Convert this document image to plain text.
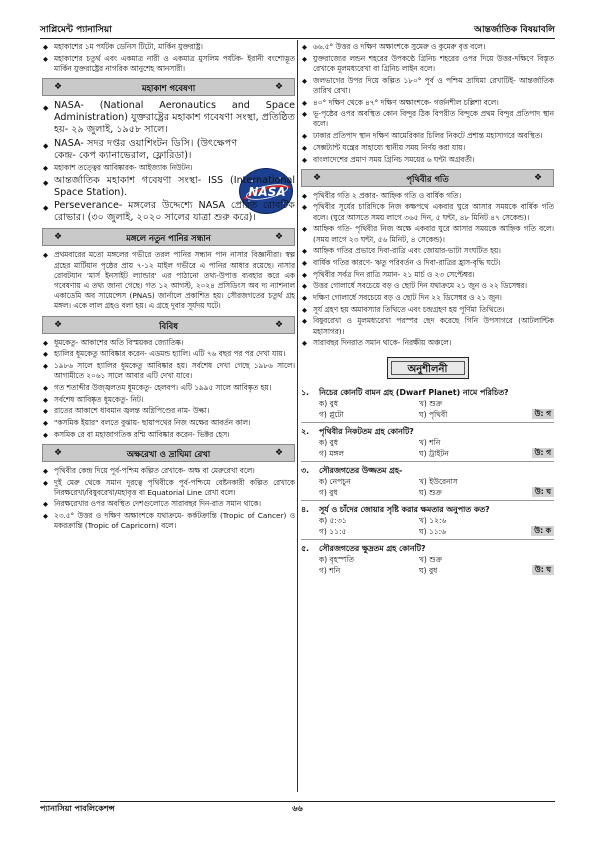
সাপ্লিমেন্ট প্যানাসিয়া	আন্তর্জাতিক বিষয়াবলি
◆ মহাকাশের ১ম পর্যটক ডেনিস টিটো, মার্কিন যুক্তরাষ্ট্র।
◆ মহাকাশের চতুর্থ এবং একমাত্র নারী ও একমাত্র মুসলিম পর্যটক- ইরানী বংশোদ্ভূত মার্কিন যুক্তরাষ্ট্রের নাগরিক আনুশেহ আনসারী।
❖	মহাকাশ গবেষণা	❖
NASA
◆ NASA- (National Aeronautics and Space Administration) যুক্তরাষ্ট্রের মহাকাশ গবেষণা সংস্থা, প্রতিষ্ঠিত হয়- ২৯ জুলাই, ১৯৫৮ সালে।
◆ NASA- সদর দপ্তর ওয়াশিংটন ডিসি। (উৎক্ষেপণ কেন্দ্র- কেপ ক্যানাভেরাল, ফ্লোরিডা)।
◆ মহাকাশ তত্ত্বের আবিষ্কারক- আইজ্যাক নিউটন।
◆ আন্তর্জাতিক মহাকাশ গবেষণা সংস্থা- ISS (International Space Station).
◆ Perseverance- মঙ্গলের উদ্দেশ্যে NASA প্রেরিত রোবটিক রোভার। (৩০ জুলাই, ২০২০ সালের যাত্রা শুরু করে)।
❖	মঙ্গলে নতুন পানির সন্ধান	❖
◆ প্রথমবারের মতো মঙ্গলের গভীরে তরল পানির সন্ধান পান নাসার বিজ্ঞানীরা। স্বল্প গ্রহের মার্টিয়ান পৃষ্ঠের প্রায় ৭-১২ মাইল গভীরে এ পানির আধার রয়েছে। নাসার রোবটযান 'মার্স ইনসাইট ল্যান্ডার' এর পাঠানো তথ্য-উপাত্ত ব্যবহার করে এক গবেষণায় এ তথ্য জানা গেছে। গত ১২ আগস্ট, ২০২৪ প্রসিডিংস অব দ্য ন্যাশনাল একাডেমি অব সায়েন্সেস (PNAS) জার্নালে প্রকাশিত হয়। সৌরজগতের চতুর্থ গ্রহ মঙ্গল। একে লাল গ্রহও বলা হয়। এ গ্রহে দুবার সূর্যদয় ঘটে।
❖	বিবিধ	❖
◆ ধূমকেতু- আকাশের অতি বিস্ময়কর জ্যোতিষ্ক।
◆ হ্যালির ধূমকেতু আবিষ্কার করেন- এডমন্ড হ্যালি। এটি ৭৬ বছর পর পর দেখা যায়।
◆ ১৯৮৬ সালে হ্যালির ধূমকেতু আবিষ্কার হয়। সর্বশেষ দেখা গেছে ১৯৮৬ সালে। আগামীতে ২০৬১ সালে আবার এটি দেখা যাবে।
◆ গত শতাব্দীর উজ্জ্বলতম ধূমকেতু- হেলবপ। এটি ১৯৯৫ সালে আবিষ্কৃত হয়।
◆ সর্বশেষ আবিষ্কৃত ধূমকেতু- নিট।
◆ রাতের আকাশে ধাবমান জ্বলন্ত অগ্নিপিণ্ডের নাম- উল্কা।
◆ "কসমিক ইয়ার" বলতে বুঝায়- ছায়াপথের নিজ অক্ষের আবর্তন কাল।
◆ কসমিক রে বা মহাজাগতিক রশ্মি আবিষ্কার করেন- ভিক্টর হেস।
❖	অক্ষরেখা ও দ্রাঘিমা রেখা	❖
◆ পৃথিবীর কেন্দ্র দিয়ে পূর্ব-পশ্চিম কল্পিত রেখাকে- অক্ষ বা মেরুরেখা বলে।
◆ দুই মেরু থেকে সমান দূরত্বে পৃথিবীকে পূর্ব-পশ্চিমে বেষ্টনকারী কল্পিত রেখাকে নিরক্ষরেখা/বিষুবরেখা/মহাবৃত্ত বা Equatorial Line রেখা বলে।
◆ নিরক্ষরেখার ওপর অবস্থিত দেশগুলোতে সারাবছর দিন-রাত সমান থাকে।
◆ ২৩.৫° উত্তর ও দক্ষিণ অক্ষাংশকে যথাক্রমে- কর্কটক্রান্তি (Tropic of Cancer) ও মকরক্রান্তি (Tropic of Capricorn) বলে।
◆ ৬৬.৫° উত্তর ও দক্ষিণ অক্ষাংশকে সুমেরু ও কুমেরু বৃত্ত বলে।
◆ যুক্তরাজ্যের লন্ডন শহরের উপকণ্ঠে গ্রিনিচ শহরের ওপর দিয়ে উত্তর-দক্ষিণে বিস্তৃত রেখাকে মূলমধ্যরেখা বা গ্রিনিচ লাইন বলে।
◆ জলভাগের উপর দিয়ে কল্পিত ১৮০° পূর্ব ও পশ্চিম দ্রাঘিমা রেখাটিই- আন্তর্জাতিক তারিখ রেখা।
◆ ৪০° দক্ষিণ থেকে ৪৭° দক্ষিণ অক্ষাংশকে- গর্জনশীল চল্লিশা বলে।
◆ ভূ-পৃষ্ঠের ওপর অবস্থিত কোন বিন্দুর ঠিক বিপরীত বিন্দুকে প্রথম বিন্দুর প্রতিপাদ স্থান বলে।
◆ ঢাকার প্রতিপাদ স্থান দক্ষিণ আমেরিকার চিলির নিকটে প্রশান্ত মহাসাগরে অবস্থিত।
◆ সেক্সট্যান্ট যন্ত্রের সাহায্যে স্থানীয় সময় নির্ণয় করা যায়।
◆ বাংলাদেশের প্রমাণ সময় গ্রিনিচ সময়ের ৬ ঘন্টা অগ্রবর্তী।
❖	পৃথিবীর গতি	❖
◆ পৃথিবীর গতি ২ প্রকার- আহ্নিক গতি ও বার্ষিক গতি।
◆ পৃথিবীর সূর্যের চারিদিকে নিজ কক্ষপথে একবার ঘুরে আসার সময়কে বার্ষিক গতি বলে। (ঘুরে আসতে সময় লাগে ৩৬৫ দিন, ৫ ঘন্টা, ৪৮ মিনিট ৪৭ সেকেন্ড)।
◆ আহ্নিক গতি- পৃথিবীর নিজ অক্ষে একবার ঘুরে আসার সময়কে আহ্নিক গতি বলে। (সময় লাগে ২৩ ঘন্টা, ৫৬ মিনিট, ৪ সেকেন্ড)।
◆ আহ্নিক গতির প্রভাবে দিবা-রাত্রি এবং জোয়ার-ভাটা সংঘটিত হয়।
◆ বার্ষিক গতির কারণে- ঋতু পরিবর্তন ও দিবা-রাত্রির হ্রাস-বৃদ্ধি ঘটে।
◆ পৃথিবীর সর্বত্র দিন রাত্রি সমান- ২১ মার্চ ও ২৩ সেপ্টেম্বর।
◆ উত্তর গোলার্ধে সবচেয়ে বড় ও ছোট দিন যথাক্রমে ২১ জুন ও ২২ ডিসেম্বর।
◆ দক্ষিণ গোলার্ধে সবচেয়ে বড় ও ছোট দিন ২২ ডিসেম্বর ও ২১ জুন।
◆ সূর্য গ্রহণ হয় অমাবস্যার তিথিতে এবং চন্দ্রগ্রহণ হয় পূর্ণিমা তিথিতে।
◆ বিষুবরেখা ও মূলমধ্যরেখা পরস্পর ছেদ করেছে গিনি উপসাগরে (আটলান্টিক মহাসাগর)।
◆ সারাবছর দিনরাত সমান থাকে- নিরক্ষীয় অঞ্চলে।
অনুশীলনী
১.	নিচের কোনটি বামন গ্রহ (Dwarf Planet) নামে পরিচিত?
ক) বুধ	খ) শুক্র
গ) প্লুটো	ঘ) পৃথিবী	উ: গ
২.	পৃথিবীর নিকটতম গ্রহ কোনটি?
ক) বুধ	খ) শনি
গ) মঙ্গল	ঘ) ট্রাইটন	উ: গ
৩.	সৌরজগতের উজ্জতম গ্রহ-
ক) নেপচুন	খ) ইউরেনাস
গ) বুধ	ঘ) শুক্র	উ: ঘ
৪.	সূর্য ও চাঁদের জোয়ার সৃষ্টি করার ক্ষমতার অনুপাত কত?
ক) ৫:৩১	খ) ১২:৬
গ) ১১:৫	ঘ) ১১:৬	উ: ক
৫.	সৌরজগতের ক্ষুদ্রতম গ্রহ কোনটি?
ক) বৃহস্পতি	খ) শুক্র
গ) শনি	ঘ) বুধ	উ: ঘ
প্যানাসিয়া পাবলিকেশন্স	৬৬
